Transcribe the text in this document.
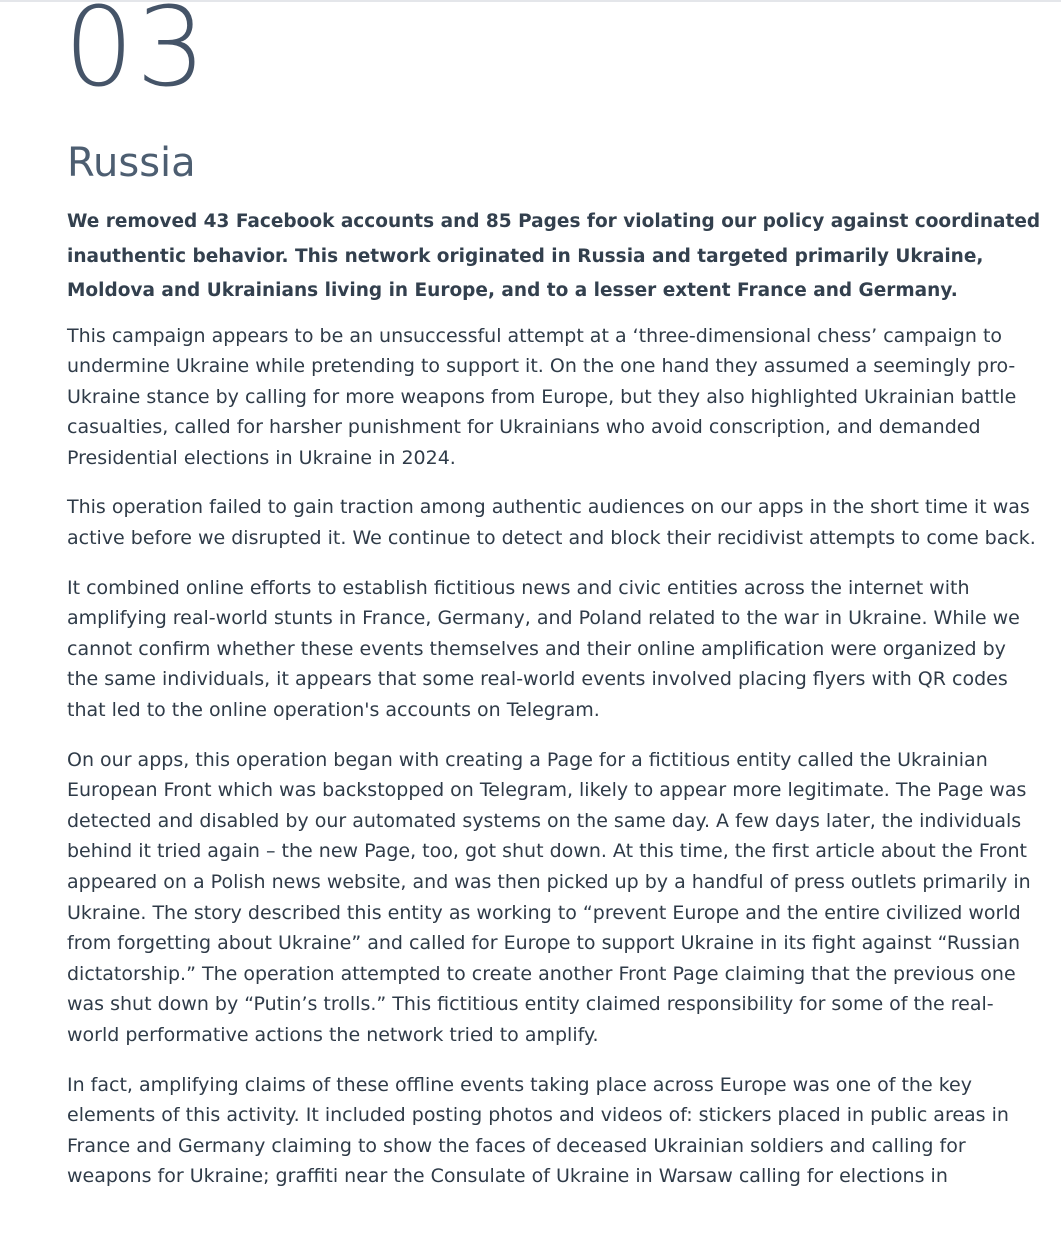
03
Russia

We removed 43 Facebook accounts and 85 Pages for violating our policy against coordinated inauthentic behavior. This network originated in Russia and targeted primarily Ukraine, Moldova and Ukrainians living in Europe, and to a lesser extent France and Germany.

This campaign appears to be an unsuccessful attempt at a ‘three-dimensional chess’ campaign to undermine Ukraine while pretending to support it. On the one hand they assumed a seemingly pro-Ukraine stance by calling for more weapons from Europe, but they also highlighted Ukrainian battle casualties, called for harsher punishment for Ukrainians who avoid conscription, and demanded Presidential elections in Ukraine in 2024.

This operation failed to gain traction among authentic audiences on our apps in the short time it was active before we disrupted it. We continue to detect and block their recidivist attempts to come back.

It combined online efforts to establish fictitious news and civic entities across the internet with amplifying real-world stunts in France, Germany, and Poland related to the war in Ukraine. While we cannot confirm whether these events themselves and their online amplification were organized by the same individuals, it appears that some real-world events involved placing flyers with QR codes that led to the online operation's accounts on Telegram.

On our apps, this operation began with creating a Page for a fictitious entity called the Ukrainian European Front which was backstopped on Telegram, likely to appear more legitimate. The Page was detected and disabled by our automated systems on the same day. A few days later, the individuals behind it tried again – the new Page, too, got shut down. At this time, the first article about the Front appeared on a Polish news website, and was then picked up by a handful of press outlets primarily in Ukraine. The story described this entity as working to “prevent Europe and the entire civilized world from forgetting about Ukraine” and called for Europe to support Ukraine in its fight against “Russian dictatorship.” The operation attempted to create another Front Page claiming that the previous one was shut down by “Putin’s trolls.” This fictitious entity claimed responsibility for some of the real-world performative actions the network tried to amplify.

In fact, amplifying claims of these offline events taking place across Europe was one of the key elements of this activity. It included posting photos and videos of: stickers placed in public areas in France and Germany claiming to show the faces of deceased Ukrainian soldiers and calling for weapons for Ukraine; graffiti near the Consulate of Ukraine in Warsaw calling for elections in
